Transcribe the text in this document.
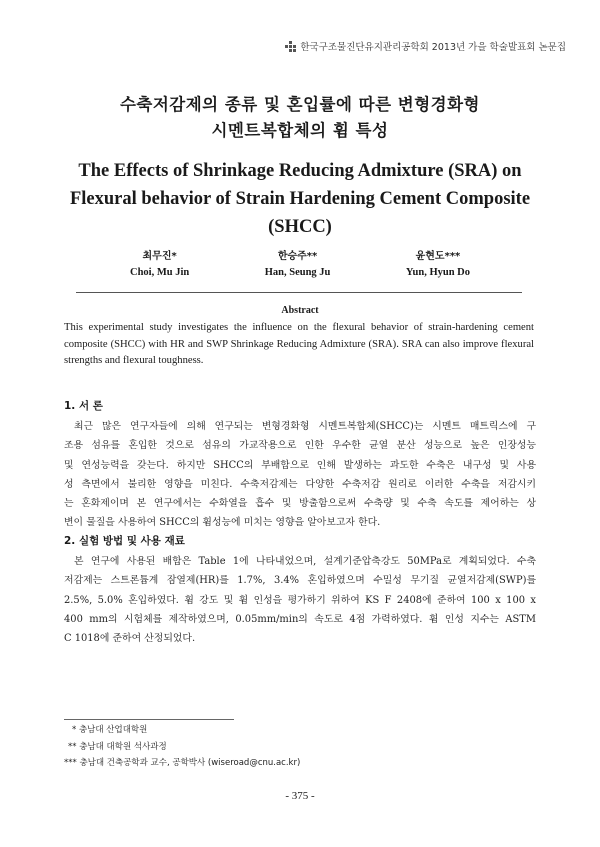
한국구조물진단유지관리공학회 2013년 가을 학술발표회 논문집
수축저감제의 종류 및 혼입률에 따른 변형경화형
시멘트복합체의 휨 특성
The Effects of Shrinkage Reducing Admixture (SRA) on
Flexural behavior of Strain Hardening Cement Composite
(SHCC)
최무진*
Choi, Mu Jin
한승주**
Han, Seung Ju
윤현도***
Yun, Hyun Do
Abstract
This experimental study investigates the influence on the flexural behavior of strain-hardening cement
composite (SHCC) with HR and SWP Shrinkage Reducing Admixture (SRA). SRA can also improve flexural
strengths and flexural toughness.
1. 서 론
최근 많은 연구자들에 의해 연구되는 변형경화형 시멘트복합체(SHCC)는 시멘트 매트릭스에 구
조용 섬유를 혼입한 것으로 섬유의 가교작용으로 인한 우수한 균열 분산 성능으로 높은 인장성능
및 연성능력을 갖는다. 하지만 SHCC의 부배합으로 인해 발생하는 과도한 수축은 내구성 및 사용
성 측면에서 불리한 영향을 미친다. 수축저감제는 다양한 수축저감 원리로 이러한 수축을 저감시키
는 혼화제이며 본 연구에서는 수화열을 흡수 및 방출함으로써 수축량 및 수축 속도를 제어하는 상
변이 물질을 사용하여 SHCC의 휨성능에 미치는 영향을 알아보고자 한다.
2. 실험 방법 및 사용 재료
본 연구에 사용된 배합은 Table 1에 나타내었으며, 설계기준압축강도 50MPa로 계획되었다. 수축
저감제는 스트론튬계 잠열제(HR)를 1.7%, 3.4% 혼입하였으며 수밀성 무기질 균열저감제(SWP)를
2.5%, 5.0% 혼입하였다. 휨 강도 및 휨 인성을 평가하기 위하여 KS F 2408에 준하여 100 x 100 x
400 mm의 시험체를 제작하였으며, 0.05mm/min의 속도로 4점 가력하였다. 휨 인성 지수는 ASTM
C 1018에 준하여 산정되었다.
* 충남대 산업대학원
** 충남대 대학원 석사과정
*** 충남대 건축공학과 교수, 공학박사 (wiseroad@cnu.ac.kr)
- 375 -
